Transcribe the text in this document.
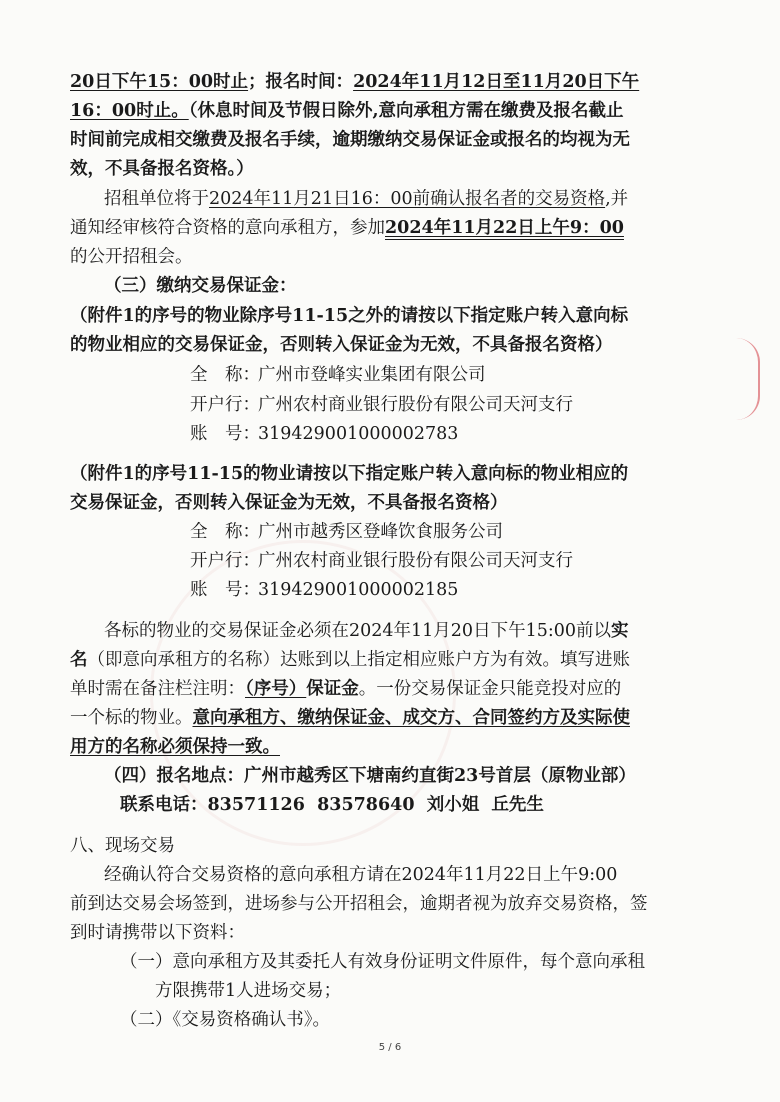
20日下午15：00时止；报名时间：2024年11月12日至11月20日下午
16：00时止。（休息时间及节假日除外,意向承租方需在缴费及报名截止
时间前完成相交缴费及报名手续，逾期缴纳交易保证金或报名的均视为无
效，不具备报名资格。）
招租单位将于2024年11月21日16：00前确认报名者的交易资格,并
通知经审核符合资格的意向承租方，参加2024年11月22日上午9：00
的公开招租会。
（三）缴纳交易保证金：
（附件1的序号的物业除序号11-15之外的请按以下指定账户转入意向标
的物业相应的交易保证金，否则转入保证金为无效，不具备报名资格）
全　称：广州市登峰实业集团有限公司
开户行：广州农村商业银行股份有限公司天河支行
账　号：319429001000002783
（附件1的序号11-15的物业请按以下指定账户转入意向标的物业相应的
交易保证金，否则转入保证金为无效，不具备报名资格）
全　称：广州市越秀区登峰饮食服务公司
开户行：广州农村商业银行股份有限公司天河支行
账　号：319429001000002185
各标的物业的交易保证金必须在2024年11月20日下午15:00前以实
名（即意向承租方的名称）达账到以上指定相应账户方为有效。填写进账
单时需在备注栏注明：（序号）保证金。一份交易保证金只能竞投对应的
一个标的物业。意向承租方、缴纳保证金、成交方、合同签约方及实际使
用方的名称必须保持一致。
（四）报名地点：广州市越秀区下塘南约直街23号首层（原物业部）
联系电话：83571126  83578640  刘小姐  丘先生
八、现场交易
经确认符合交易资格的意向承租方请在2024年11月22日上午9:00
前到达交易会场签到，进场参与公开招租会，逾期者视为放弃交易资格，签
到时请携带以下资料：
（一）意向承租方及其委托人有效身份证明文件原件，每个意向承租
方限携带1人进场交易；
（二）《交易资格确认书》。
5 / 6
